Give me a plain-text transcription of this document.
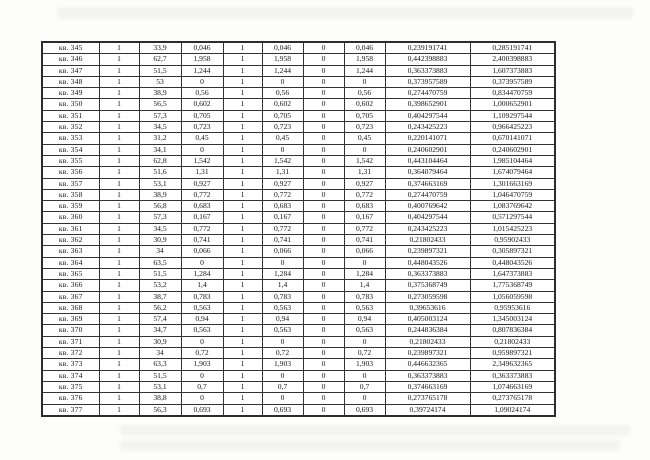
кв. 345	1	33,9	0,046	1	0,046	0	0,046	0,239191741	0,285191741
кв. 346	1	62,7	1,958	1	1,958	0	1,958	0,442398883	2,400398883
кв. 347	1	51,5	1,244	1	1,244	0	1,244	0,363373883	1,607373883
кв. 348	1	53	0	1	0	0	0	0,373957589	0,373957589
кв. 349	1	38,9	0,56	1	0,56	0	0,56	0,274470759	0,834470759
кв. 350	1	56,5	0,602	1	0,602	0	0,602	0,398652901	1,000652901
кв. 351	1	57,3	0,705	1	0,705	0	0,705	0,404297544	1,109297544
кв. 352	1	34,5	0,723	1	0,723	0	0,723	0,243425223	0,966425223
кв. 353	1	31,2	0,45	1	0,45	0	0,45	0,220141071	0,670141071
кв. 354	1	34,1	0	1	0	0	0	0,240602901	0,240602901
кв. 355	1	62,8	1,542	1	1,542	0	1,542	0,443104464	1,985104464
кв. 356	1	51,6	1,31	1	1,31	0	1,31	0,364079464	1,674079464
кв. 357	1	53,1	0,927	1	0,927	0	0,927	0,374663169	1,301663169
кв. 358	1	38,9	0,772	1	0,772	0	0,772	0,274470759	1,046470759
кв. 359	1	56,8	0,683	1	0,683	0	0,683	0,400769642	1,083769642
кв. 360	1	57,3	0,167	1	0,167	0	0,167	0,404297544	0,571297544
кв. 361	1	34,5	0,772	1	0,772	0	0,772	0,243425223	1,015425223
кв. 362	1	30,9	0,741	1	0,741	0	0,741	0,21802433	0,95902433
кв. 363	1	34	0,066	1	0,066	0	0,066	0,239897321	0,305897321
кв. 364	1	63,5	0	1	0	0	0	0,448043526	0,448043526
кв. 365	1	51,5	1,284	1	1,284	0	1,284	0,363373883	1,647373883
кв. 366	1	53,2	1,4	1	1,4	0	1,4	0,375368749	1,775368749
кв. 367	1	38,7	0,783	1	0,783	0	0,783	0,273059598	1,056059598
кв. 368	1	56,2	0,563	1	0,563	0	0,563	0,39653616	0,95953616
кв. 369	1	57,4	0,94	1	0,94	0	0,94	0,405003124	1,345003124
кв. 370	1	34,7	0,563	1	0,563	0	0,563	0,244836384	0,807836384
кв. 371	1	30,9	0	1	0	0	0	0,21802433	0,21802433
кв. 372	1	34	0,72	1	0,72	0	0,72	0,239897321	0,959897321
кв. 373	1	63,3	1,903	1	1,903	0	1,903	0,446632365	2,349632365
кв. 374	1	51,5	0	1	0	0	0	0,363373883	0,363373883
кв. 375	1	53,1	0,7	1	0,7	0	0,7	0,374663169	1,074663169
кв. 376	1	38,8	0	1	0	0	0	0,273765178	0,273765178
кв. 377	1	56,3	0,693	1	0,693	0	0,693	0,39724174	1,09024174
